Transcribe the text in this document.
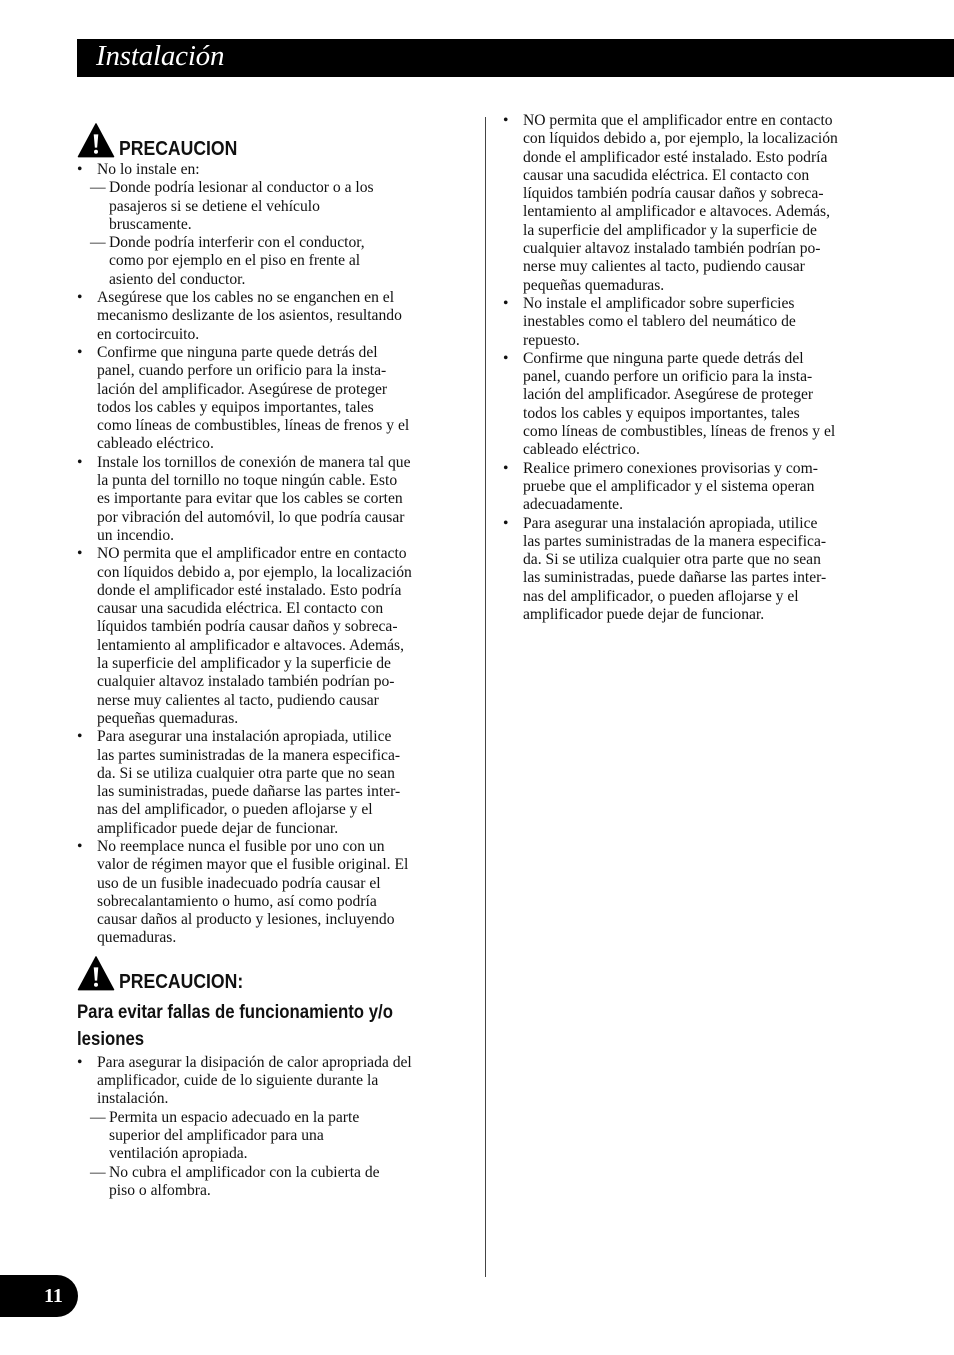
Instalación
PRECAUCION
• No lo instale en:
— Donde podría lesionar al conductor o a los
pasajeros si se detiene el vehículo
bruscamente.
— Donde podría interferir con el conductor,
como por ejemplo en el piso en frente al
asiento del conductor.
• Asegúrese que los cables no se enganchen en el
mecanismo deslizante de los asientos, resultando
en cortocircuito.
• Confirme que ninguna parte quede detrás del
panel, cuando perfore un orificio para la insta-
lación del amplificador. Asegúrese de proteger
todos los cables y equipos importantes, tales
como líneas de combustibles, líneas de frenos y el
cableado eléctrico.
• Instale los tornillos de conexión de manera tal que
la punta del tornillo no toque ningún cable. Esto
es importante para evitar que los cables se corten
por vibración del automóvil, lo que podría causar
un incendio.
• NO permita que el amplificador entre en contacto
con líquidos debido a, por ejemplo, la localización
donde el amplificador esté instalado. Esto podría
causar una sacudida eléctrica. El contacto con
líquidos también podría causar daños y sobreca-
lentamiento al amplificador e altavoces. Además,
la superficie del amplificador y la superficie de
cualquier altavoz instalado también podrían po-
nerse muy calientes al tacto, pudiendo causar
pequeñas quemaduras.
• Para asegurar una instalación apropiada, utilice
las partes suministradas de la manera especifica-
da. Si se utiliza cualquier otra parte que no sean
las suministradas, puede dañarse las partes inter-
nas del amplificador, o pueden aflojarse y el
amplificador puede dejar de funcionar.
• No reemplace nunca el fusible por uno con un
valor de régimen mayor que el fusible original. El
uso de un fusible inadecuado podría causar el
sobrecalantamiento o humo, así como podría
causar daños al producto y lesiones, incluyendo
quemaduras.
PRECAUCION:
Para evitar fallas de funcionamiento y/o
lesiones
• Para asegurar la disipación de calor apropriada del
amplificador, cuide de lo siguiente durante la
instalación.
— Permita un espacio adecuado en la parte
superior del amplificador para una
ventilación apropiada.
— No cubra el amplificador con la cubierta de
piso o alfombra.
• NO permita que el amplificador entre en contacto
con líquidos debido a, por ejemplo, la localización
donde el amplificador esté instalado. Esto podría
causar una sacudida eléctrica. El contacto con
líquidos también podría causar daños y sobreca-
lentamiento al amplificador e altavoces. Además,
la superficie del amplificador y la superficie de
cualquier altavoz instalado también podrían po-
nerse muy calientes al tacto, pudiendo causar
pequeñas quemaduras.
• No instale el amplificador sobre superficies
inestables como el tablero del neumático de
repuesto.
• Confirme que ninguna parte quede detrás del
panel, cuando perfore un orificio para la insta-
lación del amplificador. Asegúrese de proteger
todos los cables y equipos importantes, tales
como líneas de combustibles, líneas de frenos y el
cableado eléctrico.
• Realice primero conexiones provisorias y com-
pruebe que el amplificador y el sistema operan
adecuadamente.
• Para asegurar una instalación apropiada, utilice
las partes suministradas de la manera especifica-
da. Si se utiliza cualquier otra parte que no sean
las suministradas, puede dañarse las partes inter-
nas del amplificador, o pueden aflojarse y el
amplificador puede dejar de funcionar.
11
